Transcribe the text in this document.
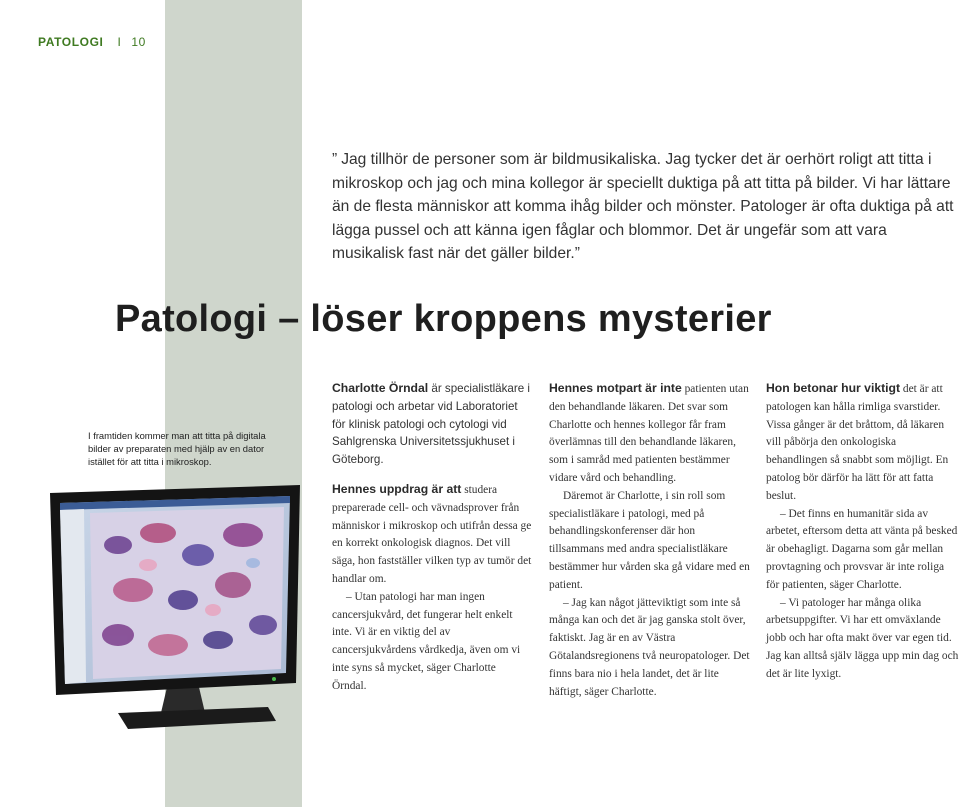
PATOLOGI I 10
” Jag tillhör de personer som är bildmusikaliska. Jag tycker det är oerhört roligt att titta i mikroskop och jag och mina kollegor är speciellt duktiga på att titta på bilder. Vi har lättare än de flesta människor att komma ihåg bilder och mönster. Patologer är ofta duktiga på att lägga pussel och att känna igen fåglar och blommor. Det är ungefär som att vara musikalisk fast när det gäller bilder.”
Patologi – löser kroppens mysterier
I framtiden kommer man att titta på digitala bilder av preparaten med hjälp av en dator istället för att titta i mikroskop.

Charlotte Örndal är specialistläkare i patologi och arbetar vid Laboratoriet för klinisk patologi och cytologi vid Sahlgrenska Universitetssjukhuset i Göteborg.

Hennes uppdrag är att studera preparerade cell- och vävnadsprover från människor i mikroskop och utifrån dessa ge en korrekt onkologisk diagnos. Det vill säga, hon fastställer vilken typ av tumör det handlar om.

– Utan patologi har man ingen cancersjukvård, det fungerar helt enkelt inte. Vi är en viktig del av cancersjukvårdens vårdkedja, även om vi inte syns så mycket, säger Charlotte Örndal.

Hennes motpart är inte patienten utan den behandlande läkaren. Det svar som Charlotte och hennes kollegor får fram överlämnas till den behandlande läkaren, som i samråd med patienten bestämmer vidare vård och behandling.

Däremot är Charlotte, i sin roll som specialistläkare i patologi, med på behandlingskonferenser där hon tillsammans med andra specialistläkare bestämmer hur vården ska gå vidare med en patient.

– Jag kan något jätteviktigt som inte så många kan och det är jag ganska stolt över, faktiskt. Jag är en av Västra Götalandsregionens två neuropatologer. Det finns bara nio i hela landet, det är lite häftigt, säger Charlotte.

Hon betonar hur viktigt det är att patologen kan hålla rimliga svarstider. Vissa gånger är det bråttom, då läkaren vill påbörja den onkologiska behandlingen så snabbt som möjligt. En patolog bör därför ha lätt för att fatta beslut.

– Det finns en humanitär sida av arbetet, eftersom detta att vänta på besked är obehagligt. Dagarna som går mellan provtagning och provsvar är inte roliga för patienten, säger Charlotte.

– Vi patologer har många olika arbetsuppgifter. Vi har ett omväxlande jobb och har ofta makt över var egen tid. Jag kan alltså själv lägga upp min dag och det är lite lyxigt.
